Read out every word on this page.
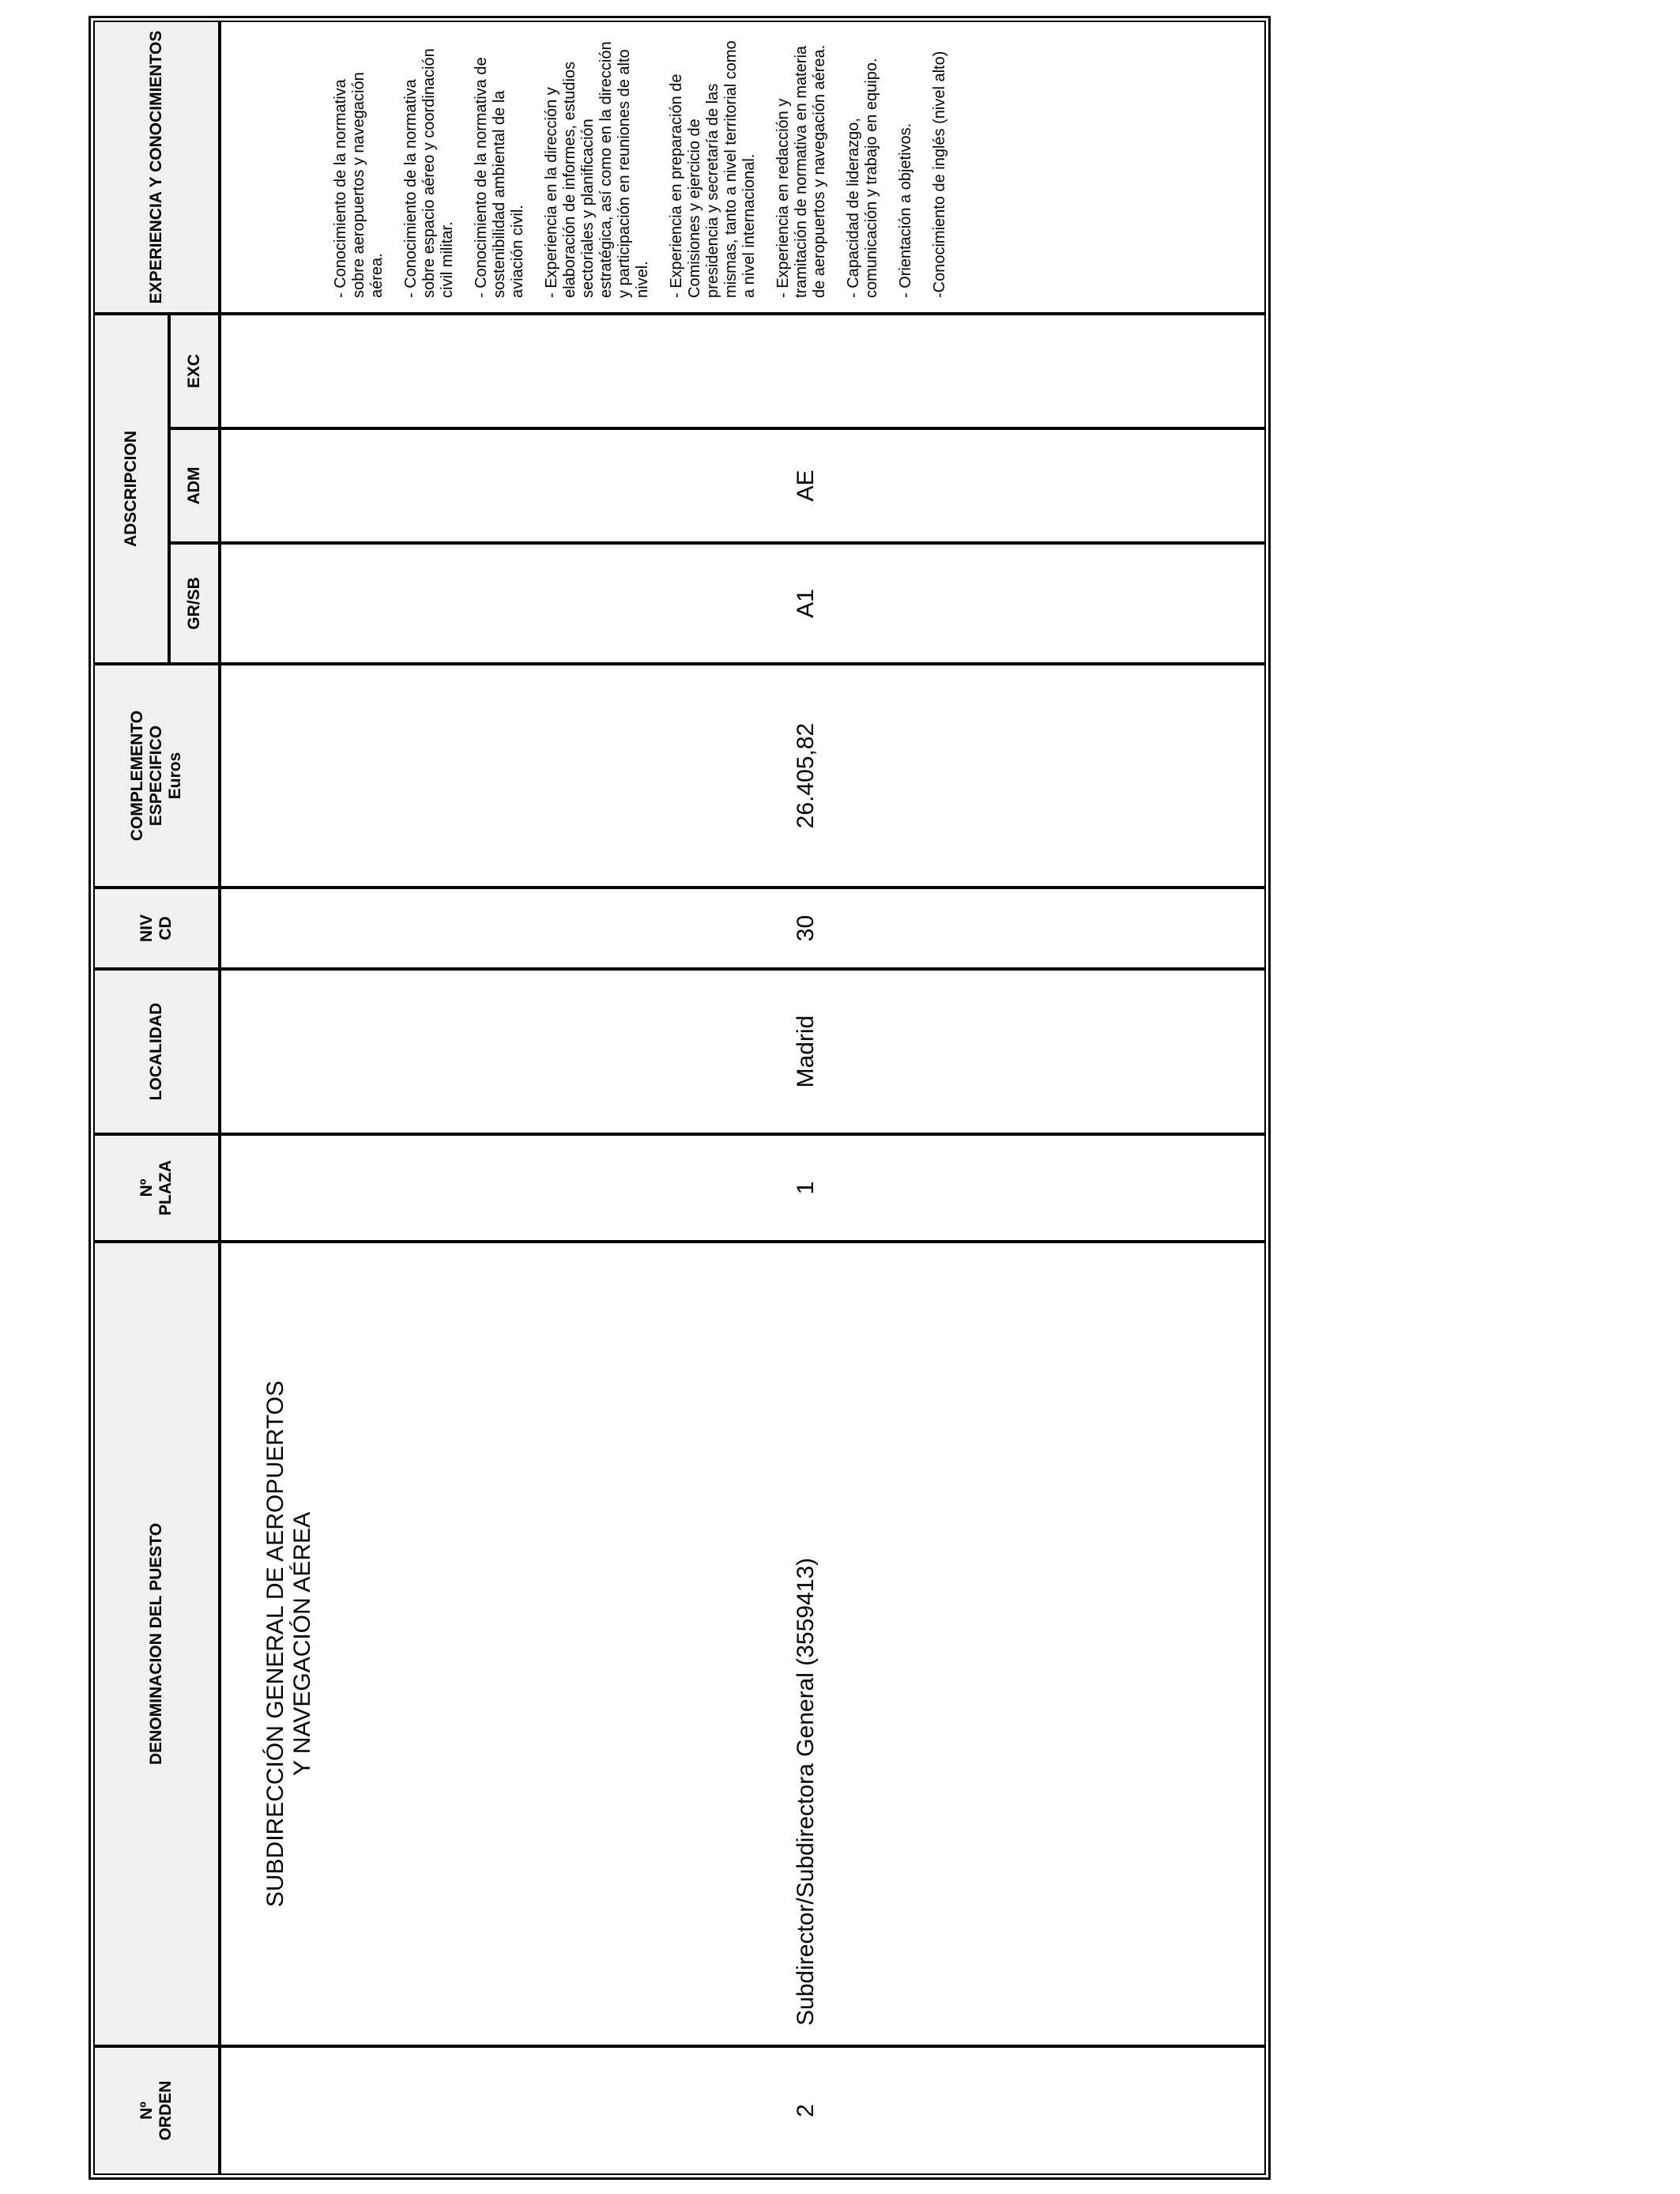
Nº ORDEN
DENOMINACION DEL PUESTO
Nº PLAZA
LOCALIDAD
NIV CD
COMPLEMENTO ESPECIFICO Euros
ADSCRIPCION
GR/SB
ADM
EXC
EXPERIENCIA Y CONOCIMIENTOS
2
SUBDIRECCIÓN GENERAL DE AEROPUERTOS Y NAVEGACIÓN AÉREA	Subdirector/Subdirectora General (3559413)
1
Madrid
30
26.405,82
A1
AE
- Conocimiento de la normativa sobre aeropuertos y navegación aérea. - Conocimiento de la normativa sobre espacio aéreo y coordinación civil militar. - Conocimiento de la normativa de sostenibilidad ambiental de la aviación civil. - Experiencia en la dirección y elaboración de informes, estudios sectoriales y planificación estratégica, así como en la dirección y participación en reuniones de alto nivel. - Experiencia en preparación de Comisiones y ejercicio de presidencia y secretaría de las mismas, tanto a nivel territorial como a nivel internacional. - Experiencia en redacción y tramitación de normativa en materia de aeropuertos y navegación aérea. - Capacidad de liderazgo, comunicación y trabajo en equipo. - Orientación a objetivos. -Conocimiento de inglés (nivel alto)
